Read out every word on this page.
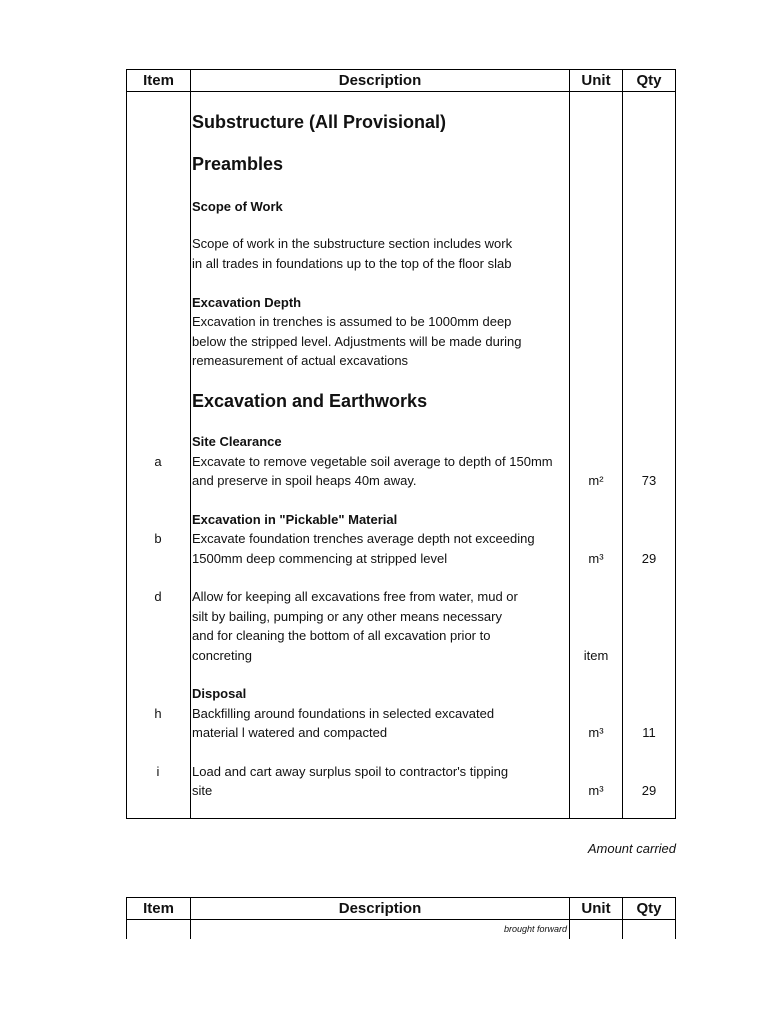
Item	Description	Unit	Qty
Substructure (All Provisional)
Preambles
Scope of Work
Scope of work in the substructure section includes work
in all trades in foundations up to the top of the floor slab
Excavation Depth
Excavation in trenches is assumed to be 1000mm deep
below the stripped level. Adjustments will be made during
remeasurement of actual excavations
Excavation and Earthworks
Site Clearance
a	Excavate to remove vegetable soil average to depth of 150mm
and preserve in spoil heaps 40m away.	m²	73
Excavation in "Pickable" Material
b	Excavate foundation trenches average depth not exceeding
1500mm deep commencing at stripped level	m³	29
d	Allow for keeping all excavations free from water, mud or
silt by bailing, pumping or any other means necessary
and for cleaning the bottom of all excavation prior to
concreting	item
Disposal
h	Backfilling around foundations in selected excavated
material l watered and compacted	m³	11
i	Load and cart away surplus spoil to contractor's tipping
site	m³	29
Amount carried
Item	Description	Unit	Qty
brought forward
